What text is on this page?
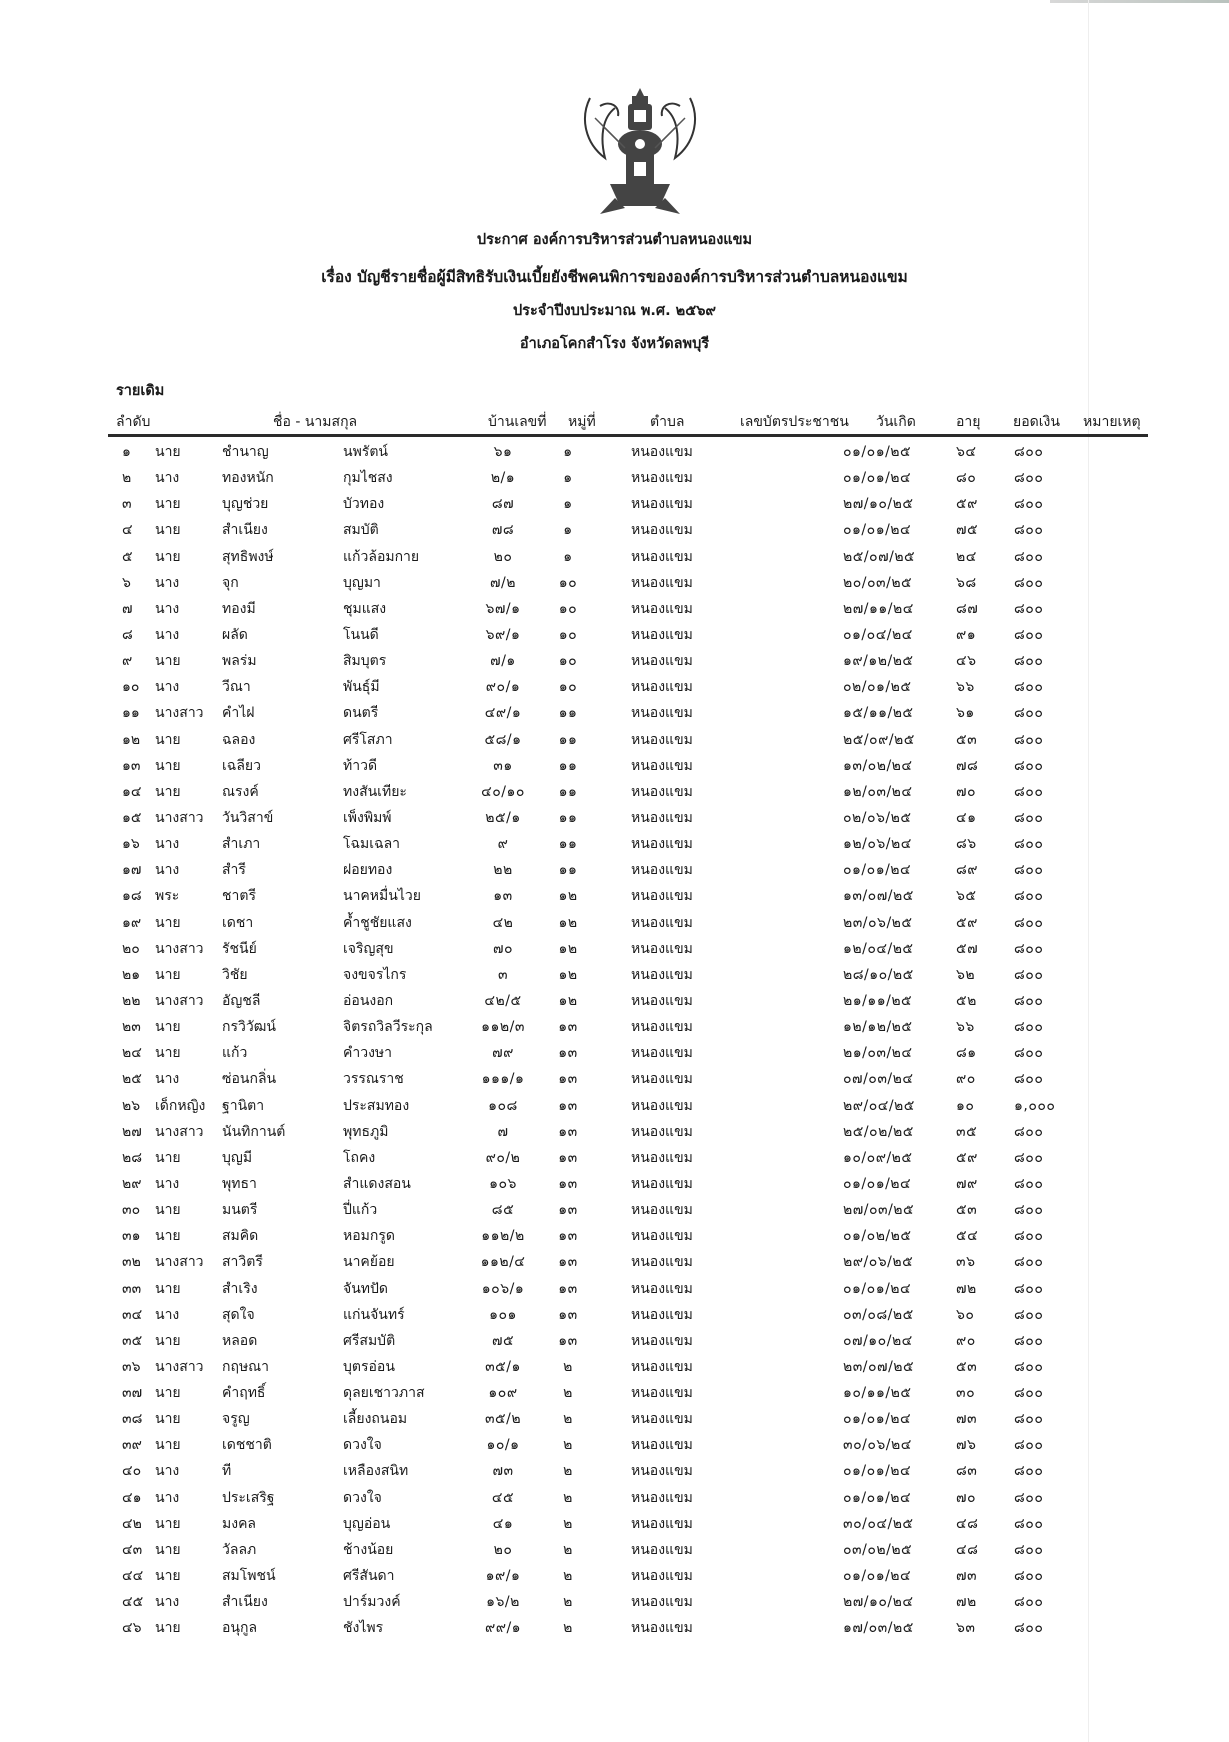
ประกาศ องค์การบริหารส่วนตำบลหนองแขม
เรื่อง บัญชีรายชื่อผู้มีสิทธิรับเงินเบี้ยยังชีพคนพิการขององค์การบริหารส่วนตำบลหนองแขม
ประจำปีงบประมาณ พ.ศ. ๒๕๖๙
อำเภอโคกสำโรง จังหวัดลพบุรี
รายเดิม
ลำดับ	ชื่อ - นามสกุล	บ้านเลขที่ หมู่ที่	ตำบล	เลขบัตรประชาชน วันเกิด	อายุ ยอดเงิน หมายเหตุ
๑	นาย	ชำนาญ	นพรัตน์	๖๑	๑	หนองแขม	๐๑/๐๑/๒๕	๖๔	๘๐๐
๒	นาง	ทองหนัก	กุมไชสง	๒/๑	๑	หนองแขม	๐๑/๐๑/๒๔	๘๐	๘๐๐
๓	นาย	บุญช่วย	บัวทอง	๘๗	๑	หนองแขม	๒๗/๑๐/๒๕	๕๙	๘๐๐
๔	นาย	สำเนียง	สมบัติ	๗๘	๑	หนองแขม	๐๑/๐๑/๒๔	๗๕	๘๐๐
๕	นาย	สุทธิพงษ์	แก้วล้อมกาย	๒๐	๑	หนองแขม	๒๕/๐๗/๒๕	๒๔	๘๐๐
๖	นาง	จุก	บุญมา	๗/๒	๑๐	หนองแขม	๒๐/๐๓/๒๕	๖๘	๘๐๐
๗	นาง	ทองมี	ชุมแสง	๖๗/๑	๑๐	หนองแขม	๒๗/๑๑/๒๔	๘๗	๘๐๐
๘	นาง	ผลัด	โนนดี	๖๙/๑	๑๐	หนองแขม	๐๑/๐๔/๒๔	๙๑	๘๐๐
๙	นาย	พลร่ม	สิมบุตร	๗/๑	๑๐	หนองแขม	๑๙/๑๒/๒๕	๔๖	๘๐๐
๑๐	นาง	วีณา	พันธุ์มี	๙๐/๑	๑๐	หนองแขม	๐๒/๐๑/๒๕	๖๖	๘๐๐
๑๑	นางสาว คำไฝ	ดนตรี	๔๙/๑	๑๑	หนองแขม	๑๕/๑๑/๒๕	๖๑	๘๐๐
๑๒	นาย	ฉลอง	ศรีโสภา	๕๘/๑	๑๑	หนองแขม	๒๕/๐๙/๒๕	๕๓	๘๐๐
๑๓	นาย	เฉลียว	ท้าวดี	๓๑	๑๑	หนองแขม	๑๓/๐๒/๒๔	๗๘	๘๐๐
๑๔ นาย	ณรงค์	ทงสันเทียะ	๔๐/๑๐	๑๑	หนองแขม	๑๒/๐๓/๒๔	๗๐	๘๐๐
๑๕ นางสาว วันวิสาข์	เพ็งพิมพ์	๒๕/๑	๑๑	หนองแขม	๐๒/๐๖/๒๕	๔๑	๘๐๐
๑๖	นาง	สำเภา	โฉมเฉลา	๙	๑๑	หนองแขม	๑๒/๐๖/๒๔	๘๖	๘๐๐
๑๗ นาง	สำรี	ฝอยทอง	๒๒	๑๑	หนองแขม	๐๑/๐๑/๒๔	๘๙	๘๐๐
๑๘ พระ	ชาตรี	นาคหมื่นไวย	๑๓	๑๒	หนองแขม	๑๓/๐๗/๒๕	๖๕	๘๐๐
๑๙ นาย	เดชา	ค้ำชูชัยแสง	๔๒	๑๒	หนองแขม	๒๓/๐๖/๒๕	๕๙	๘๐๐
๒๐	นางสาว รัชนีย์	เจริญสุข	๗๐	๑๒	หนองแขม	๑๒/๐๔/๒๕	๕๗	๘๐๐
๒๑	นาย	วิชัย	จงขจรไกร	๓	๑๒	หนองแขม	๒๘/๑๐/๒๕	๖๒	๘๐๐
๒๒	นางสาว อัญชลี	อ่อนงอก	๔๒/๕	๑๒	หนองแขม	๒๑/๑๑/๒๕	๕๒	๘๐๐
๒๓	นาย	กรวิวัฒน์	จิตรถวิลวีระกุล	๑๑๒/๓	๑๓	หนองแขม	๑๒/๑๒/๒๕	๖๖	๘๐๐
๒๔ นาย	แก้ว	คำวงษา	๗๙	๑๓	หนองแขม	๒๑/๐๓/๒๔	๘๑	๘๐๐
๒๕ นาง	ซ่อนกลิ่น	วรรณราช	๑๑๑/๑	๑๓	หนองแขม	๐๗/๐๓/๒๔	๙๐	๘๐๐
๒๖	เด็กหญิง ฐานิตา	ประสมทอง	๑๐๘	๑๓	หนองแขม	๒๙/๐๔/๒๕	๑๐	๑,๐๐๐
๒๗ นางสาว นันทิกานต์	พุทธภูมิ	๗	๑๓	หนองแขม	๒๕/๐๒/๒๕	๓๕	๘๐๐
๒๘ นาย	บุญมี	โถคง	๙๐/๒	๑๓	หนองแขม	๑๐/๐๙/๒๕	๕๙	๘๐๐
๒๙ นาง	พุทธา	สำแดงสอน	๑๐๖	๑๓	หนองแขม	๐๑/๐๑/๒๔	๗๙	๘๐๐
๓๐	นาย	มนตรี	ปี่แก้ว	๘๕	๑๓	หนองแขม	๒๗/๐๓/๒๕	๕๓	๘๐๐
๓๑	นาย	สมคิด	หอมกรูด	๑๑๒/๒	๑๓	หนองแขม	๐๑/๐๒/๒๕	๕๔	๘๐๐
๓๒	นางสาว สาวิตรี	นาคย้อย	๑๑๒/๔	๑๓	หนองแขม	๒๙/๐๖/๒๕	๓๖	๘๐๐
๓๓ นาย	สำเริง	จันทปัด	๑๐๖/๑	๑๓	หนองแขม	๐๑/๐๑/๒๔	๗๒	๘๐๐
๓๔ นาง	สุดใจ	แก่นจันทร์	๑๐๑	๑๓	หนองแขม	๐๓/๐๘/๒๕	๖๐	๘๐๐
๓๕ นาย	หลอด	ศรีสมบัติ	๗๕	๑๓	หนองแขม	๐๗/๑๐/๒๔	๙๐	๘๐๐
๓๖	นางสาว กฤษณา	บุตรอ่อน	๓๕/๑	๒	หนองแขม	๒๓/๐๗/๒๕	๕๓	๘๐๐
๓๗ นาย	คำฤทธิ์	ดุลยเชาวภาส	๑๐๙	๒	หนองแขม	๑๐/๑๑/๒๕	๓๐	๘๐๐
๓๘ นาย	จรูญ	เลี้ยงถนอม	๓๕/๒	๒	หนองแขม	๐๑/๐๑/๒๔	๗๓	๘๐๐
๓๙ นาย	เดชชาติ	ดวงใจ	๑๐/๑	๒	หนองแขม	๓๐/๐๖/๒๔	๗๖	๘๐๐
๔๐ นาง	ที	เหลืองสนิท	๗๓	๒	หนองแขม	๐๑/๐๑/๒๔	๘๓	๘๐๐
๔๑ นาง	ประเสริฐ	ดวงใจ	๔๕	๒	หนองแขม	๐๑/๐๑/๒๔	๗๐	๘๐๐
๔๒ นาย	มงคล	บุญอ่อน	๔๑	๒	หนองแขม	๓๐/๐๔/๒๕	๔๘	๘๐๐
๔๓ นาย	วัลลภ	ช้างน้อย	๒๐	๒	หนองแขม	๐๓/๐๒/๒๕	๔๘	๘๐๐
๔๔ นาย	สมโพชน์	ศรีสันดา	๑๙/๑	๒	หนองแขม	๐๑/๐๑/๒๔	๗๓	๘๐๐
๔๕ นาง	สำเนียง	ปาร์มวงค์	๑๖/๒	๒	หนองแขม	๒๗/๑๐/๒๔	๗๒	๘๐๐
๔๖ นาย	อนุกูล	ชังไพร	๙๙/๑	๒	หนองแขม	๑๗/๐๓/๒๕	๖๓	๘๐๐
